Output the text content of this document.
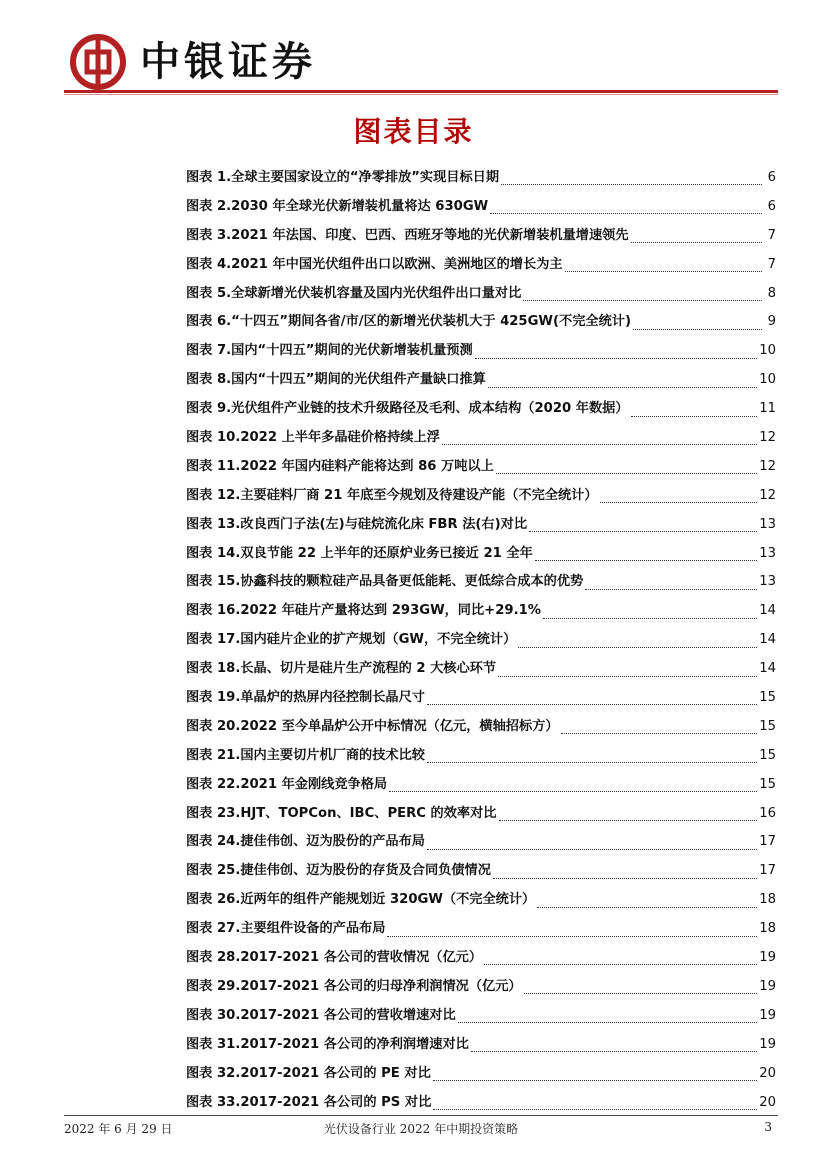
中银证券
图表目录
图表 1.全球主要国家设立的“净零排放”实现目标日期	6
图表 2.2030 年全球光伏新增装机量将达 630GW	6
图表 3.2021 年法国、印度、巴西、西班牙等地的光伏新增装机量增速领先	7
图表 4.2021 年中国光伏组件出口以欧洲、美洲地区的增长为主	7
图表 5.全球新增光伏装机容量及国内光伏组件出口量对比	8
图表 6.“十四五”期间各省/市/区的新增光伏装机大于 425GW(不完全统计)	9
图表 7.国内“十四五”期间的光伏新增装机量预测	10
图表 8.国内“十四五”期间的光伏组件产量缺口推算	10
图表 9.光伏组件产业链的技术升级路径及毛利、成本结构（2020 年数据）	11
图表 10.2022 上半年多晶硅价格持续上浮	12
图表 11.2022 年国内硅料产能将达到 86 万吨以上	12
图表 12.主要硅料厂商 21 年底至今规划及待建设产能（不完全统计）	12
图表 13.改良西门子法(左)与硅烷流化床 FBR 法(右)对比	13
图表 14.双良节能 22 上半年的还原炉业务已接近 21 全年	13
图表 15.协鑫科技的颗粒硅产品具备更低能耗、更低综合成本的优势	13
图表 16.2022 年硅片产量将达到 293GW，同比+29.1%	14
图表 17.国内硅片企业的扩产规划（GW，不完全统计）	14
图表 18.长晶、切片是硅片生产流程的 2 大核心环节	14
图表 19.单晶炉的热屏内径控制长晶尺寸	15
图表 20.2022 至今单晶炉公开中标情况（亿元，横轴招标方）	15
图表 21.国内主要切片机厂商的技术比较	15
图表 22.2021 年金刚线竞争格局	15
图表 23.HJT、TOPCon、IBC、PERC 的效率对比	16
图表 24.捷佳伟创、迈为股份的产品布局	17
图表 25.捷佳伟创、迈为股份的存货及合同负债情况	17
图表 26.近两年的组件产能规划近 320GW（不完全统计）	18
图表 27.主要组件设备的产品布局	18
图表 28.2017-2021 各公司的营收情况（亿元）	19
图表 29.2017-2021 各公司的归母净利润情况（亿元）	19
图表 30.2017-2021 各公司的营收增速对比	19
图表 31.2017-2021 各公司的净利润增速对比	19
图表 32.2017-2021 各公司的 PE 对比	20
图表 33.2017-2021 各公司的 PS 对比	20
2022 年 6 月 29 日	光伏设备行业 2022 年中期投资策略	3
